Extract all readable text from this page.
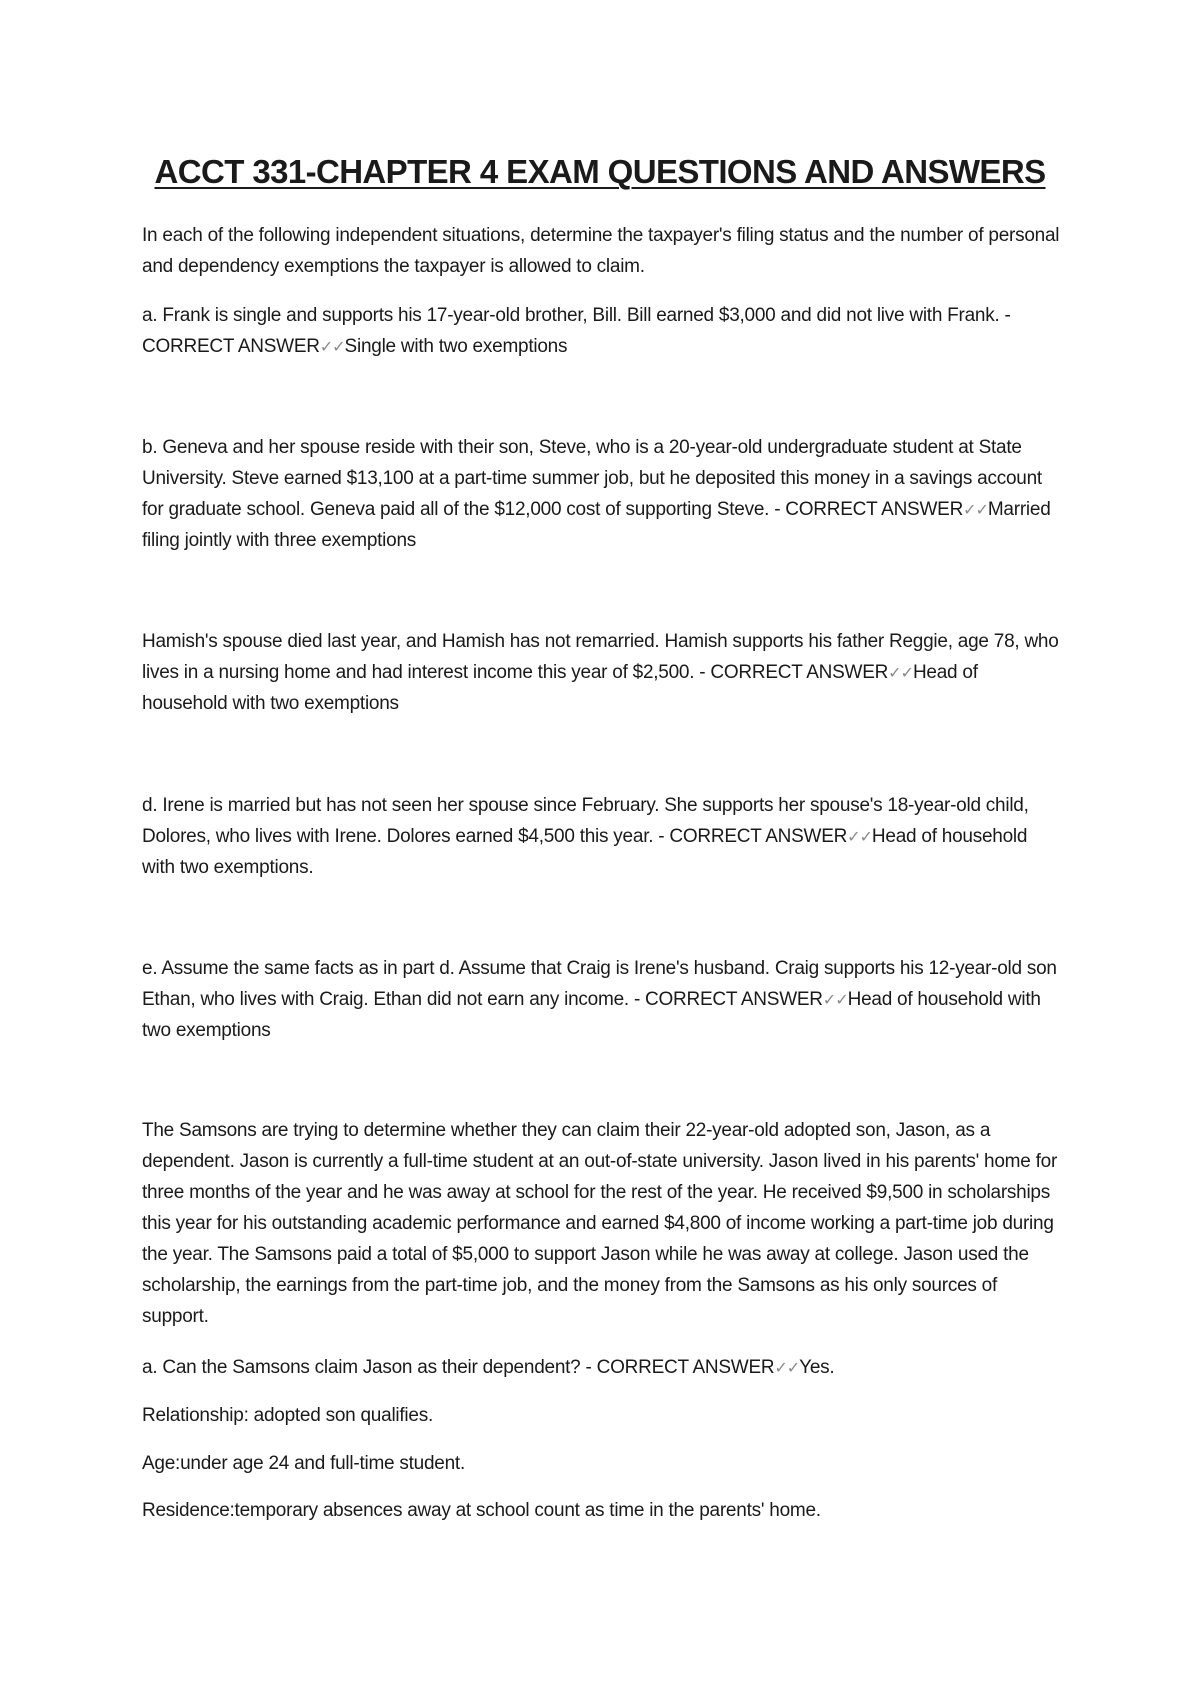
ACCT 331-CHAPTER 4 EXAM QUESTIONS AND ANSWERS

In each of the following independent situations, determine the taxpayer's filing status and the number of personal and dependency exemptions the taxpayer is allowed to claim.

a. Frank is single and supports his 17-year-old brother, Bill. Bill earned $3,000 and did not live with Frank. - CORRECT ANSWER✓✓Single with two exemptions

b. Geneva and her spouse reside with their son, Steve, who is a 20-year-old undergraduate student at State University. Steve earned $13,100 at a part-time summer job, but he deposited this money in a savings account for graduate school. Geneva paid all of the $12,000 cost of supporting Steve. - CORRECT ANSWER✓✓Married filing jointly with three exemptions

Hamish's spouse died last year, and Hamish has not remarried. Hamish supports his father Reggie, age 78, who lives in a nursing home and had interest income this year of $2,500. - CORRECT ANSWER✓✓Head of household with two exemptions

d. Irene is married but has not seen her spouse since February. She supports her spouse's 18-year-old child, Dolores, who lives with Irene. Dolores earned $4,500 this year. - CORRECT ANSWER✓✓Head of household with two exemptions.

e. Assume the same facts as in part d. Assume that Craig is Irene's husband. Craig supports his 12-year-old son Ethan, who lives with Craig. Ethan did not earn any income. - CORRECT ANSWER✓✓Head of household with two exemptions

The Samsons are trying to determine whether they can claim their 22-year-old adopted son, Jason, as a dependent. Jason is currently a full-time student at an out-of-state university. Jason lived in his parents' home for three months of the year and he was away at school for the rest of the year. He received $9,500 in scholarships this year for his outstanding academic performance and earned $4,800 of income working a part-time job during the year. The Samsons paid a total of $5,000 to support Jason while he was away at college. Jason used the scholarship, the earnings from the part-time job, and the money from the Samsons as his only sources of support.

a. Can the Samsons claim Jason as their dependent? - CORRECT ANSWER✓✓Yes.

Relationship: adopted son qualifies.

Age:under age 24 and full-time student.

Residence:temporary absences away at school count as time in the parents' home.
